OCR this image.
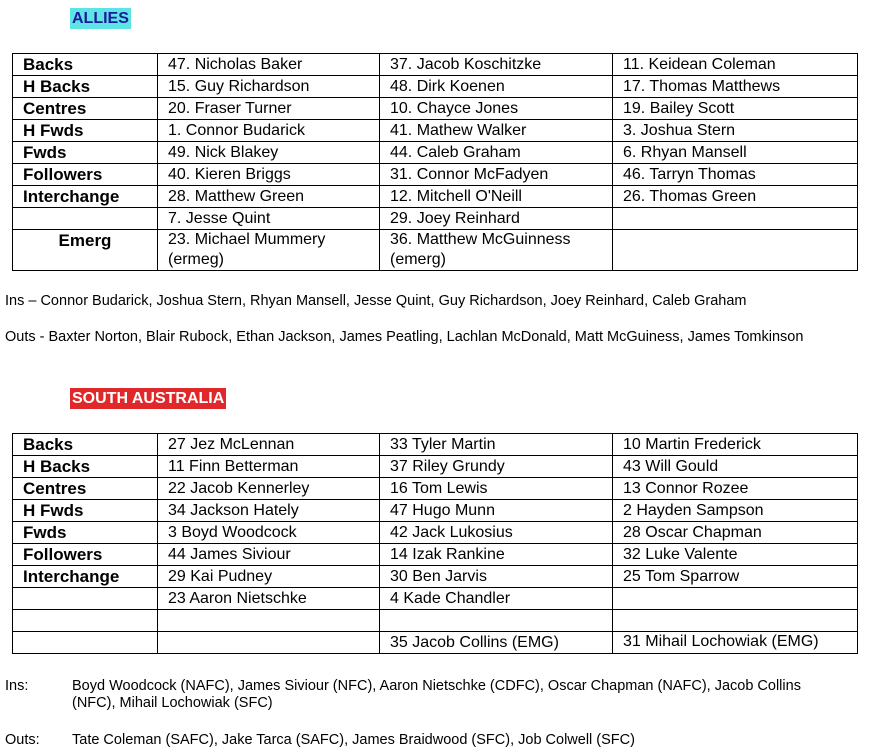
ALLIES
Backs	47. Nicholas Baker	37. Jacob Koschitzke	11. Keidean Coleman
H Backs	15. Guy Richardson	48. Dirk Koenen	17. Thomas Matthews
Centres	20. Fraser Turner	10. Chayce Jones	19. Bailey Scott
H Fwds	1. Connor Budarick	41. Mathew Walker	3. Joshua Stern
Fwds	49. Nick Blakey	44. Caleb Graham	6. Rhyan Mansell
Followers	40. Kieren Briggs	31. Connor McFadyen	46. Tarryn Thomas
Interchange	28. Matthew Green	12. Mitchell O'Neill	26. Thomas Green
	7. Jesse Quint	29. Joey Reinhard	
Emerg	23. Michael Mummery (ermeg)	36. Matthew McGuinness (emerg)	
Ins – Connor Budarick, Joshua Stern, Rhyan Mansell, Jesse Quint, Guy Richardson, Joey Reinhard, Caleb Graham
Outs - Baxter Norton, Blair Rubock, Ethan Jackson, James Peatling, Lachlan McDonald, Matt McGuiness, James Tomkinson
SOUTH AUSTRALIA
Backs	27 Jez McLennan	33 Tyler Martin	10 Martin Frederick
H Backs	11 Finn Betterman	37 Riley Grundy	43 Will Gould
Centres	22 Jacob Kennerley	16 Tom Lewis	13 Connor Rozee
H Fwds	34 Jackson Hately	47 Hugo Munn	2 Hayden Sampson
Fwds	3 Boyd Woodcock	42 Jack Lukosius	28 Oscar Chapman
Followers	44 James Siviour	14 Izak Rankine	32 Luke Valente
Interchange	29 Kai Pudney	30 Ben Jarvis	25 Tom Sparrow
	23 Aaron Nietschke	4 Kade Chandler	

		35 Jacob Collins (EMG)	31 Mihail Lochowiak (EMG)
Ins:	Boyd Woodcock (NAFC), James Siviour (NFC), Aaron Nietschke (CDFC), Oscar Chapman (NAFC), Jacob Collins (NFC), Mihail Lochowiak (SFC)
Outs: Tate Coleman (SAFC), Jake Tarca (SAFC), James Braidwood (SFC), Job Colwell (SFC)
